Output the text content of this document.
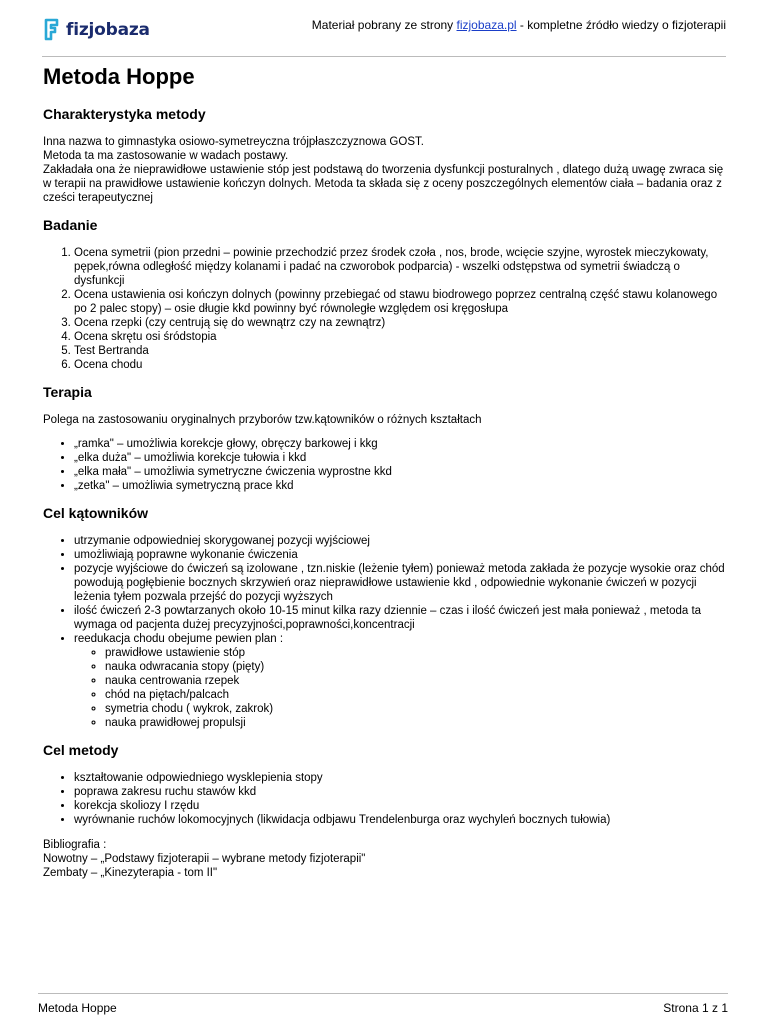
fizjobaza	Materiał pobrany ze strony fizjobaza.pl - kompletne źródło wiedzy o fizjoterapii
Metoda Hoppe
Charakterystyka metody
Inna nazwa to gimnastyka osiowo-symetreyczna trójpłaszczyznowa GOST.
Metoda ta ma zastosowanie w wadach postawy.
Zakładała ona że nieprawidłowe ustawienie stóp jest podstawą do tworzenia dysfunkcji posturalnych , dlatego dużą uwagę zwraca się w terapii na prawidłowe ustawienie kończyn dolnych. Metoda ta składa się z oceny poszczególnych elementów ciała – badania oraz z cześci terapeutycznej
Badanie
1. Ocena symetrii (pion przedni – powinie przechodzić przez środek czoła , nos, brode, wcięcie szyjne, wyrostek mieczykowaty, pępek,równa odległość między kolanami i padać na czworobok podparcia) - wszelki odstępstwa od symetrii świadczą o dysfunkcji
2. Ocena ustawienia osi kończyn dolnych (powinny przebiegać od stawu biodrowego poprzez centralną część stawu kolanowego po 2 palec stopy) – osie długie kkd powinny być równoległe względem osi kręgosłupa
3. Ocena rzepki (czy centrują się do wewnątrz czy na zewnątrz)
4. Ocena skrętu osi śródstopia
5. Test Bertranda
6. Ocena chodu
Terapia

Polega na zastosowaniu oryginalnych przyborów tzw.kątowników o różnych kształtach

• „ramka" – umożliwia korekcje głowy, obręczy barkowej i kkg
• „elka duża" – umożliwia korekcje tułowia i kkd
• „elka mała" – umożliwia symetryczne ćwiczenia wyprostne kkd
• „zetka" – umożliwia symetryczną prace kkd
Cel kątowników
• utrzymanie odpowiedniej skorygowanej pozycji wyjściowej
• umożliwiają poprawne wykonanie ćwiczenia
• pozycje wyjściowe do ćwiczeń są izolowane , tzn.niskie (leżenie tyłem) ponieważ metoda zakłada że pozycje wysokie oraz chód powodują pogłębienie bocznych skrzywień oraz nieprawidłowe ustawienie kkd , odpowiednie wykonanie ćwiczeń w pozycji leżenia tyłem pozwala przejść do pozycji wyższych
• ilość ćwiczeń 2-3 powtarzanych około 10-15 minut kilka razy dziennie – czas i ilość ćwiczeń jest mała ponieważ , metoda ta wymaga od pacjenta dużej precyzyjności,poprawności,koncentracji
• reedukacja chodu obejume pewien plan :
◦ prawidłowe ustawienie stóp
◦ nauka odwracania stopy (pięty)
◦ nauka centrowania rzepek
◦ chód na piętach/palcach
◦ symetria chodu ( wykrok, zakrok)
◦ nauka prawidłowej propulsji
Cel metody
• kształtowanie odpowiedniego wysklepienia stopy
• poprawa zakresu ruchu stawów kkd
• korekcja skoliozy I rzędu
• wyrównanie ruchów lokomocyjnych (likwidacja odbjawu Trendelenburga oraz wychyleń bocznych tułowia)
Bibliografia :
Nowotny – „Podstawy fizjoterapii – wybrane metody fizjoterapii"
Zembaty – „Kinezyterapia - tom II"
Metoda Hoppe	Strona 1 z 1
